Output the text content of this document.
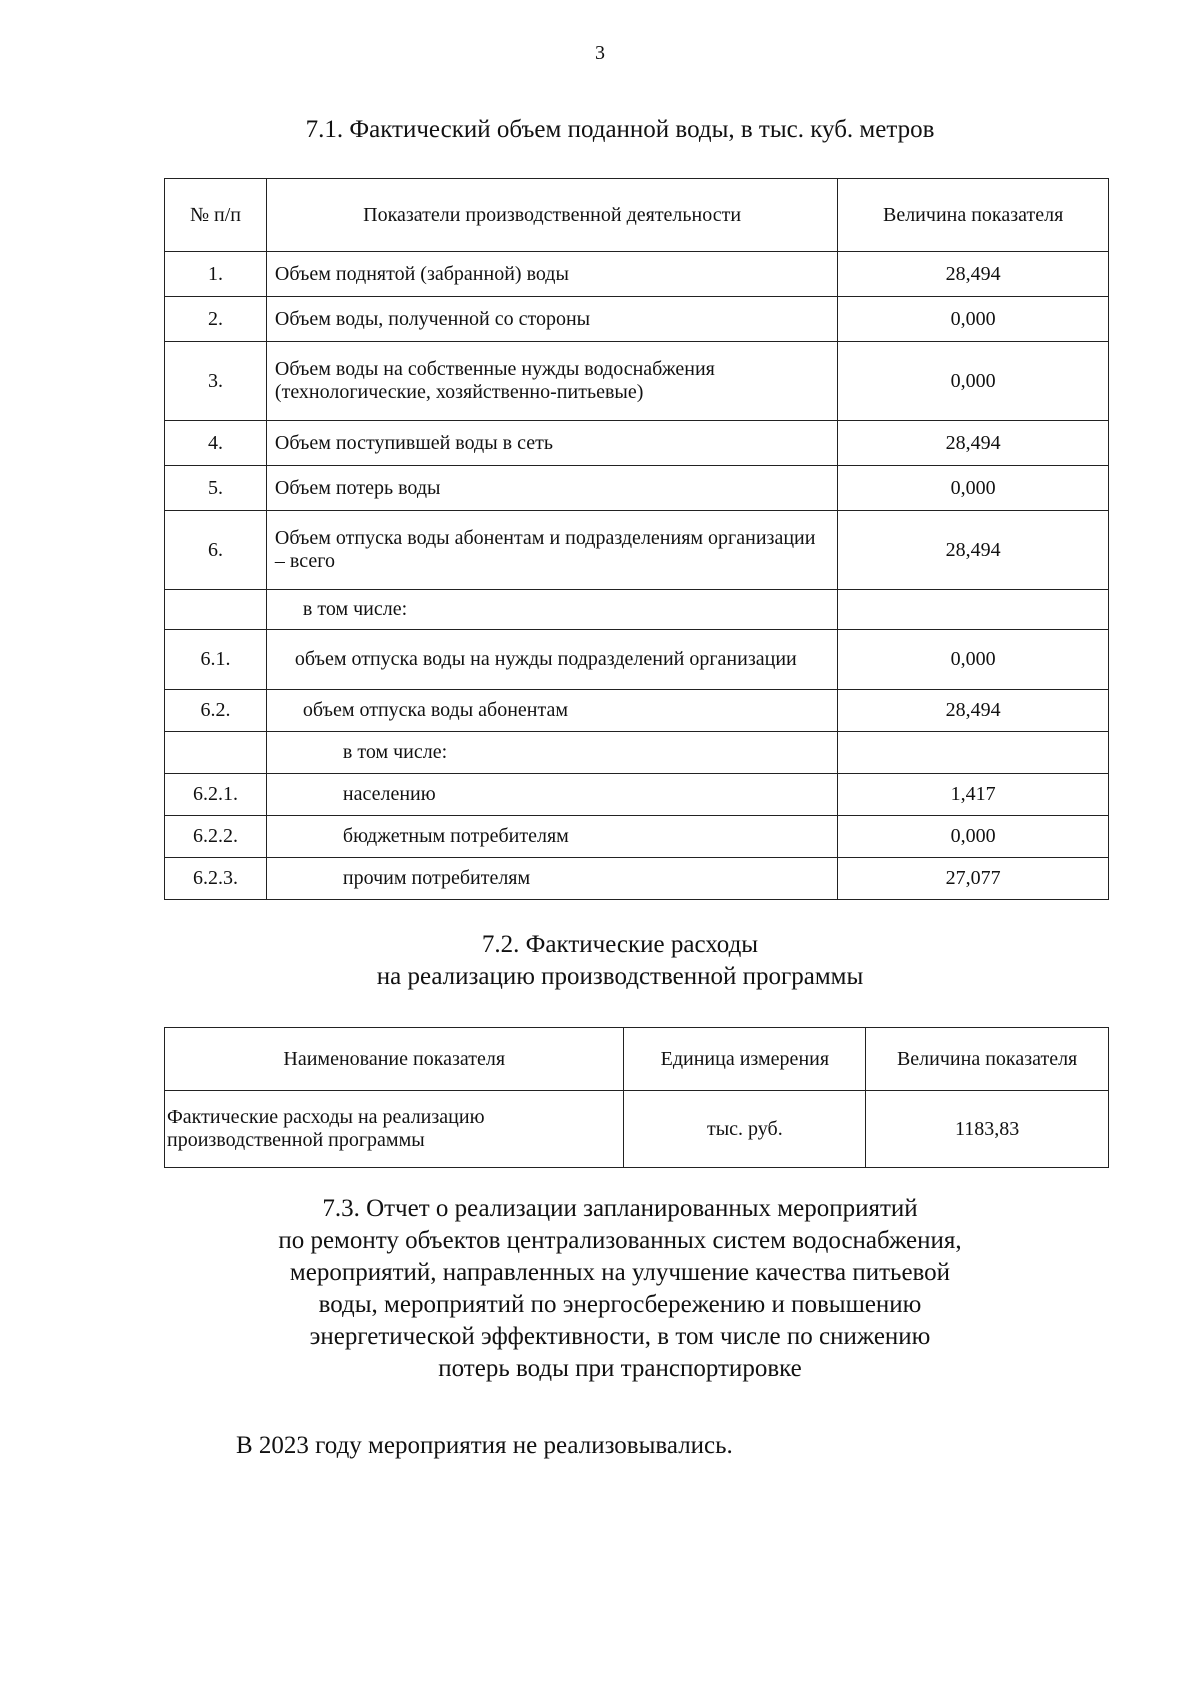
3
7.1. Фактический объем поданной воды, в тыс. куб. метров
№ п/п	Показатели производственной деятельности	Величина показателя
1.	Объем поднятой (забранной) воды	28,494
2.	Объем воды, полученной со стороны	0,000
3.	Объем воды на собственные нужды водоснабжения (технологические, хозяйственно-питьевые)	0,000
4.	Объем поступившей воды в сеть	28,494
5.	Объем потерь воды	0,000
6.	Объем отпуска воды абонентам и подразделениям организации – всего	28,494
	в том числе:	
6.1.	объем отпуска воды на нужды подразделений организации	0,000
6.2.	объем отпуска воды абонентам	28,494
	в том числе:	
6.2.1.	населению	1,417
6.2.2.	бюджетным потребителям	0,000
6.2.3.	прочим потребителям	27,077
7.2. Фактические расходы
на реализацию производственной программы
Наименование показателя	Единица измерения	Величина показателя
Фактические расходы на реализацию производственной программы	тыс. руб.	1183,83
7.3. Отчет о реализации запланированных мероприятий
по ремонту объектов централизованных систем водоснабжения,
мероприятий, направленных на улучшение качества питьевой
воды, мероприятий по энергосбережению и повышению
энергетической эффективности, в том числе по снижению
потерь воды при транспортировке
В 2023 году мероприятия не реализовывались.
